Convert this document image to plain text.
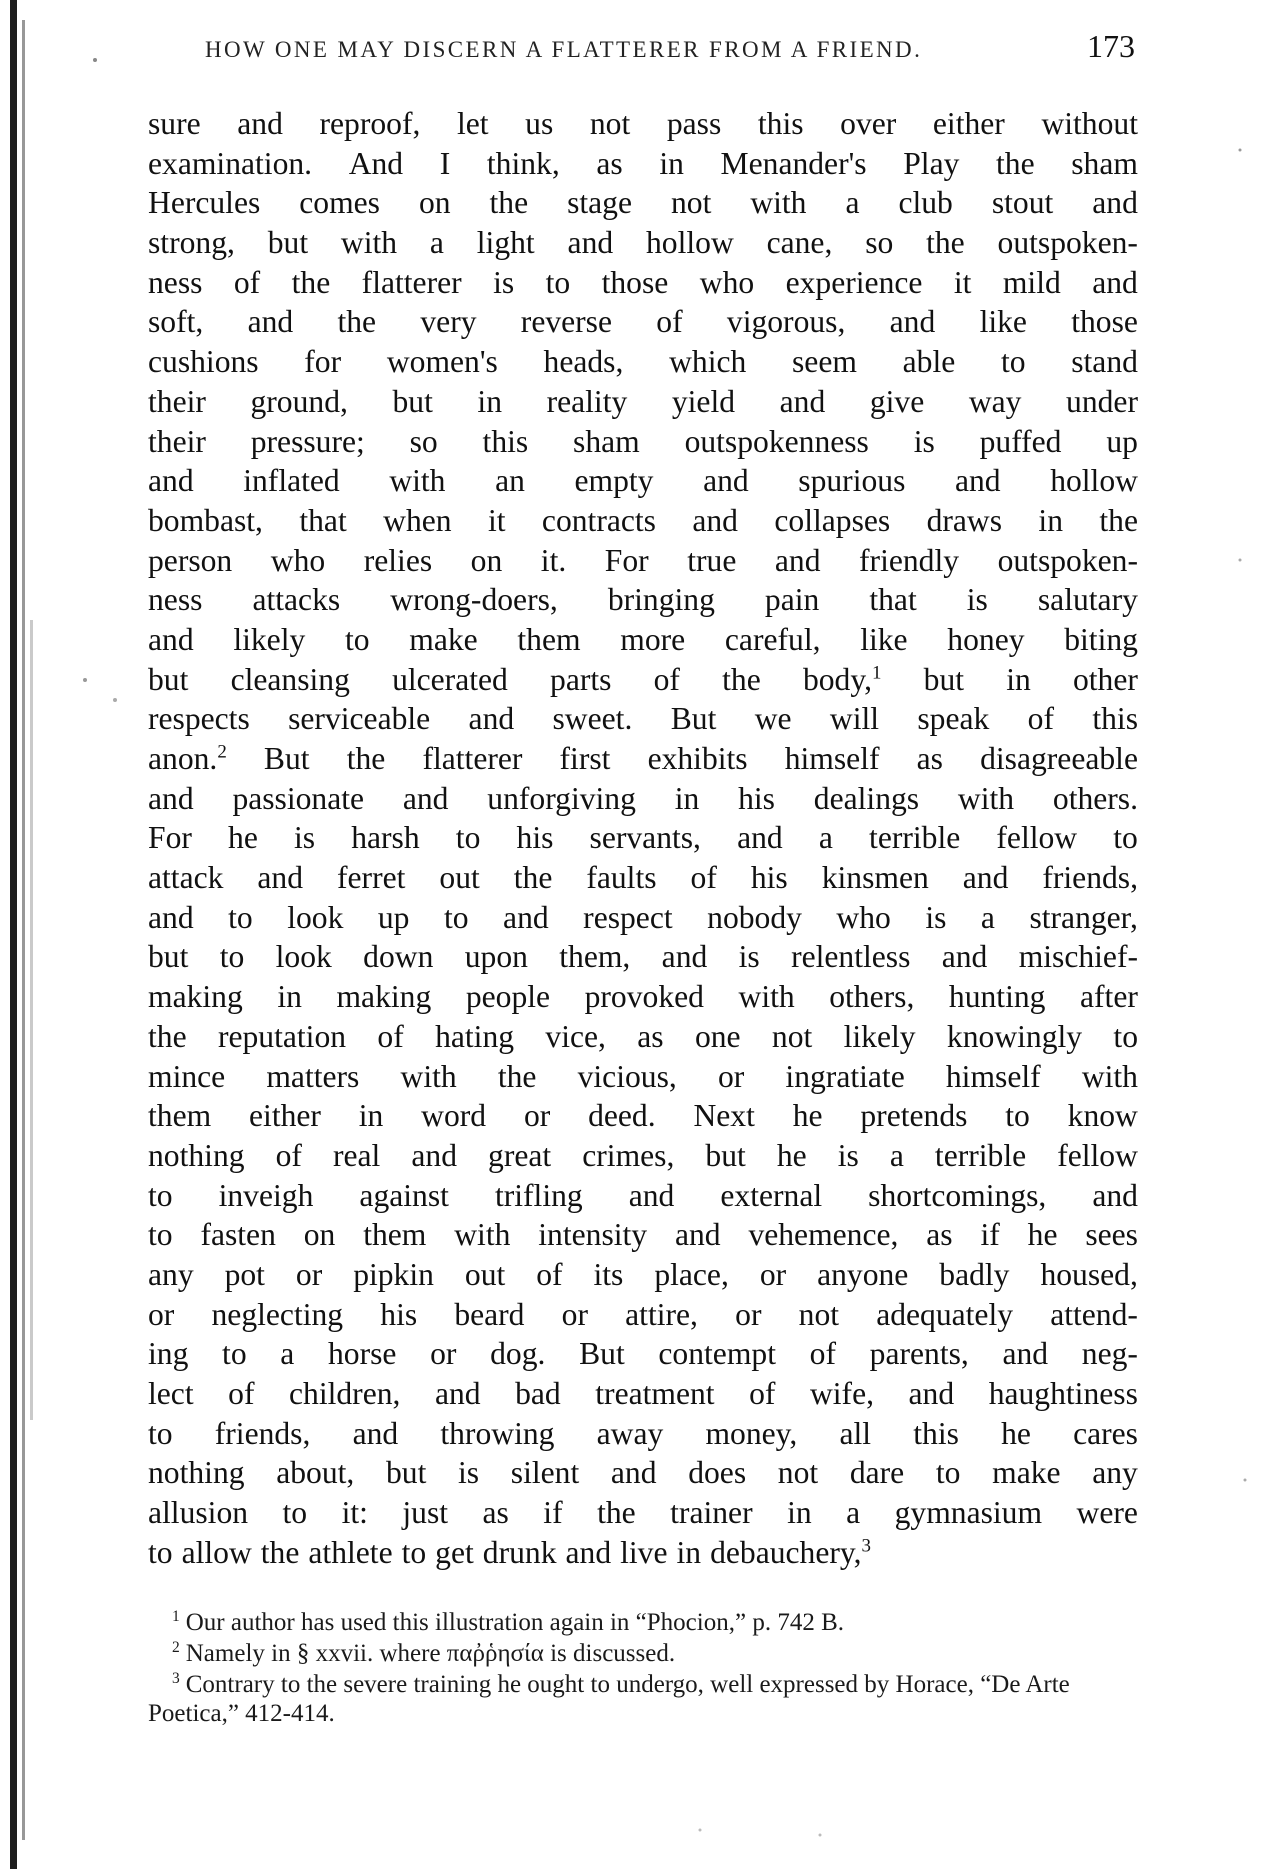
HOW ONE MAY DISCERN A FLATTERER FROM A FRIEND.	173
sure and reproof, let us not pass this over either without
examination. And I think, as in Menander's Play the sham
Hercules comes on the stage not with a club stout and
strong, but with a light and hollow cane, so the outspoken-
ness of the flatterer is to those who experience it mild and
soft, and the very reverse of vigorous, and like those
cushions for women's heads, which seem able to stand
their ground, but in reality yield and give way under
their pressure; so this sham outspokenness is puffed up
and inflated with an empty and spurious and hollow
bombast, that when it contracts and collapses draws in the
person who relies on it. For true and friendly outspoken-
ness attacks wrong-doers, bringing pain that is salutary
and likely to make them more careful, like honey biting
but cleansing ulcerated parts of the body,$^1$ but in other
respects serviceable and sweet. But we will speak of this
anon.$^2$ But the flatterer first exhibits himself as disagreeable
and passionate and unforgiving in his dealings with others.
For he is harsh to his servants, and a terrible fellow to
attack and ferret out the faults of his kinsmen and friends,
and to look up to and respect nobody who is a stranger,
but to look down upon them, and is relentless and mischief-
making in making people provoked with others, hunting after
the reputation of hating vice, as one not likely knowingly to
mince matters with the vicious, or ingratiate himself with
them either in word or deed. Next he pretends to know
nothing of real and great crimes, but he is a terrible fellow
to inveigh against trifling and external shortcomings, and
to fasten on them with intensity and vehemence, as if he sees
any pot or pipkin out of its place, or anyone badly housed,
or neglecting his beard or attire, or not adequately attend-
ing to a horse or dog. But contempt of parents, and neg-
lect of children, and bad treatment of wife, and haughtiness
to friends, and throwing away money, all this he cares
nothing about, but is silent and does not dare to make any
allusion to it: just as if the trainer in a gymnasium were
to allow the athlete to get drunk and live in debauchery,$^3$
$^1$ Our author has used this illustration again in “Phocion,” p. 742 B.
$^2$ Namely in § xxvii. where παῤῥησία is discussed.
$^3$ Contrary to the severe training he ought to undergo, well expressed by Horace, “De Arte Poetica,” 412-414.
